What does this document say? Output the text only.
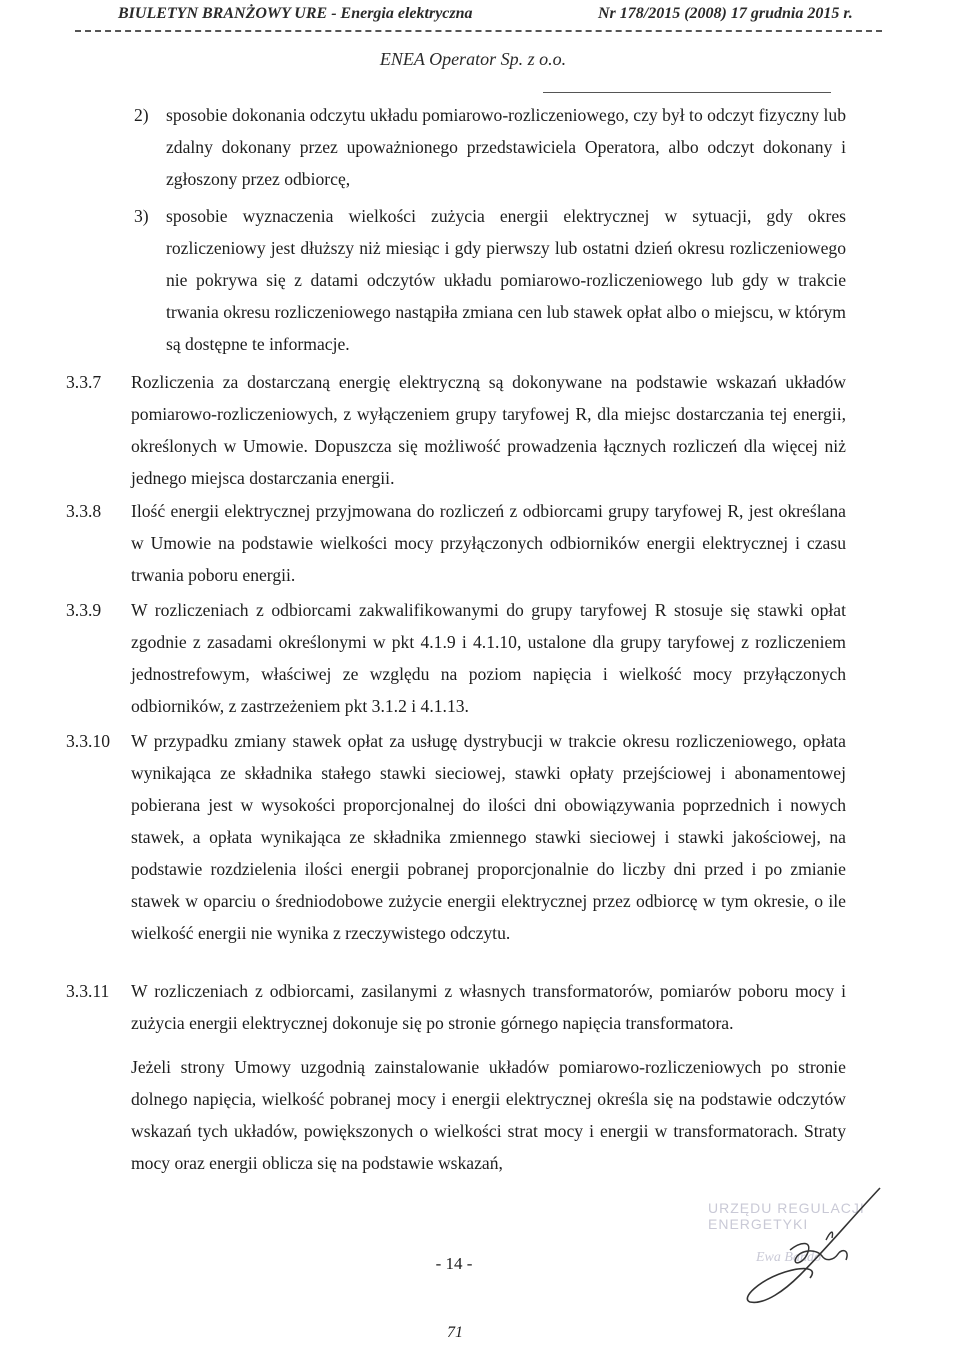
BIULETYN BRANŻOWY URE - Energia elektryczna	Nr 178/2015 (2008) 17 grudnia 2015 r.
ENEA Operator Sp. z o.o.
2) sposobie dokonania odczytu układu pomiarowo-rozliczeniowego, czy był to odczyt fizyczny lub zdalny dokonany przez upoważnionego przedstawiciela Operatora, albo odczyt dokonany i zgłoszony przez odbiorcę,

3) sposobie wyznaczenia wielkości zużycia energii elektrycznej w sytuacji, gdy okres rozliczeniowy jest dłuższy niż miesiąc i gdy pierwszy lub ostatni dzień okresu rozliczeniowego nie pokrywa się z datami odczytów układu pomiarowo-rozliczeniowego lub gdy w trakcie trwania okresu rozliczeniowego nastąpiła zmiana cen lub stawek opłat albo o miejscu, w którym są dostępne te informacje.

3.3.7 Rozliczenia za dostarczaną energię elektryczną są dokonywane na podstawie wskazań układów pomiarowo-rozliczeniowych, z wyłączeniem grupy taryfowej R, dla miejsc dostarczania tej energii, określonych w Umowie. Dopuszcza się możliwość prowadzenia łącznych rozliczeń dla więcej niż jednego miejsca dostarczania energii.

3.3.8 Ilość energii elektrycznej przyjmowana do rozliczeń z odbiorcami grupy taryfowej R, jest określana w Umowie na podstawie wielkości mocy przyłączonych odbiorników energii elektrycznej i czasu trwania poboru energii.

3.3.9 W rozliczeniach z odbiorcami zakwalifikowanymi do grupy taryfowej R stosuje się stawki opłat zgodnie z zasadami określonymi w pkt 4.1.9 i 4.1.10, ustalone dla grupy taryfowej z rozliczeniem jednostrefowym, właściwej ze względu na poziom napięcia i wielkość mocy przyłączonych odbiorników, z zastrzeżeniem pkt 3.1.2 i 4.1.13.

3.3.10 W przypadku zmiany stawek opłat za usługę dystrybucji w trakcie okresu rozliczeniowego, opłata wynikająca ze składnika stałego stawki sieciowej, stawki opłaty przejściowej i abonamentowej pobierana jest w wysokości proporcjonalnej do ilości dni obowiązywania poprzednich i nowych stawek, a opłata wynikająca ze składnika zmiennego stawki sieciowej i stawki jakościowej, na podstawie rozdzielenia ilości energii pobranej proporcjonalnie do liczby dni przed i po zmianie stawek w oparciu o średniodobowe zużycie energii elektrycznej przez odbiorcę w tym okresie, o ile wielkość energii nie wynika z rzeczywistego odczytu.

3.3.11 W rozliczeniach z odbiorcami, zasilanymi z własnych transformatorów, pomiarów poboru mocy i zużycia energii elektrycznej dokonuje się po stronie górnego napięcia transformatora.

Jeżeli strony Umowy uzgodnią zainstalowanie układów pomiarowo-rozliczeniowych po stronie dolnego napięcia, wielkość pobranej mocy i energii elektrycznej określa się na podstawie odczytów wskazań tych układów, powiększonych o wielkości strat mocy i energii w transformatorach. Straty mocy oraz energii oblicza się na podstawie wskazań,

URZĘDU REGULACJI ENERGETYKI
Ewa Bando
- 14 -
71
